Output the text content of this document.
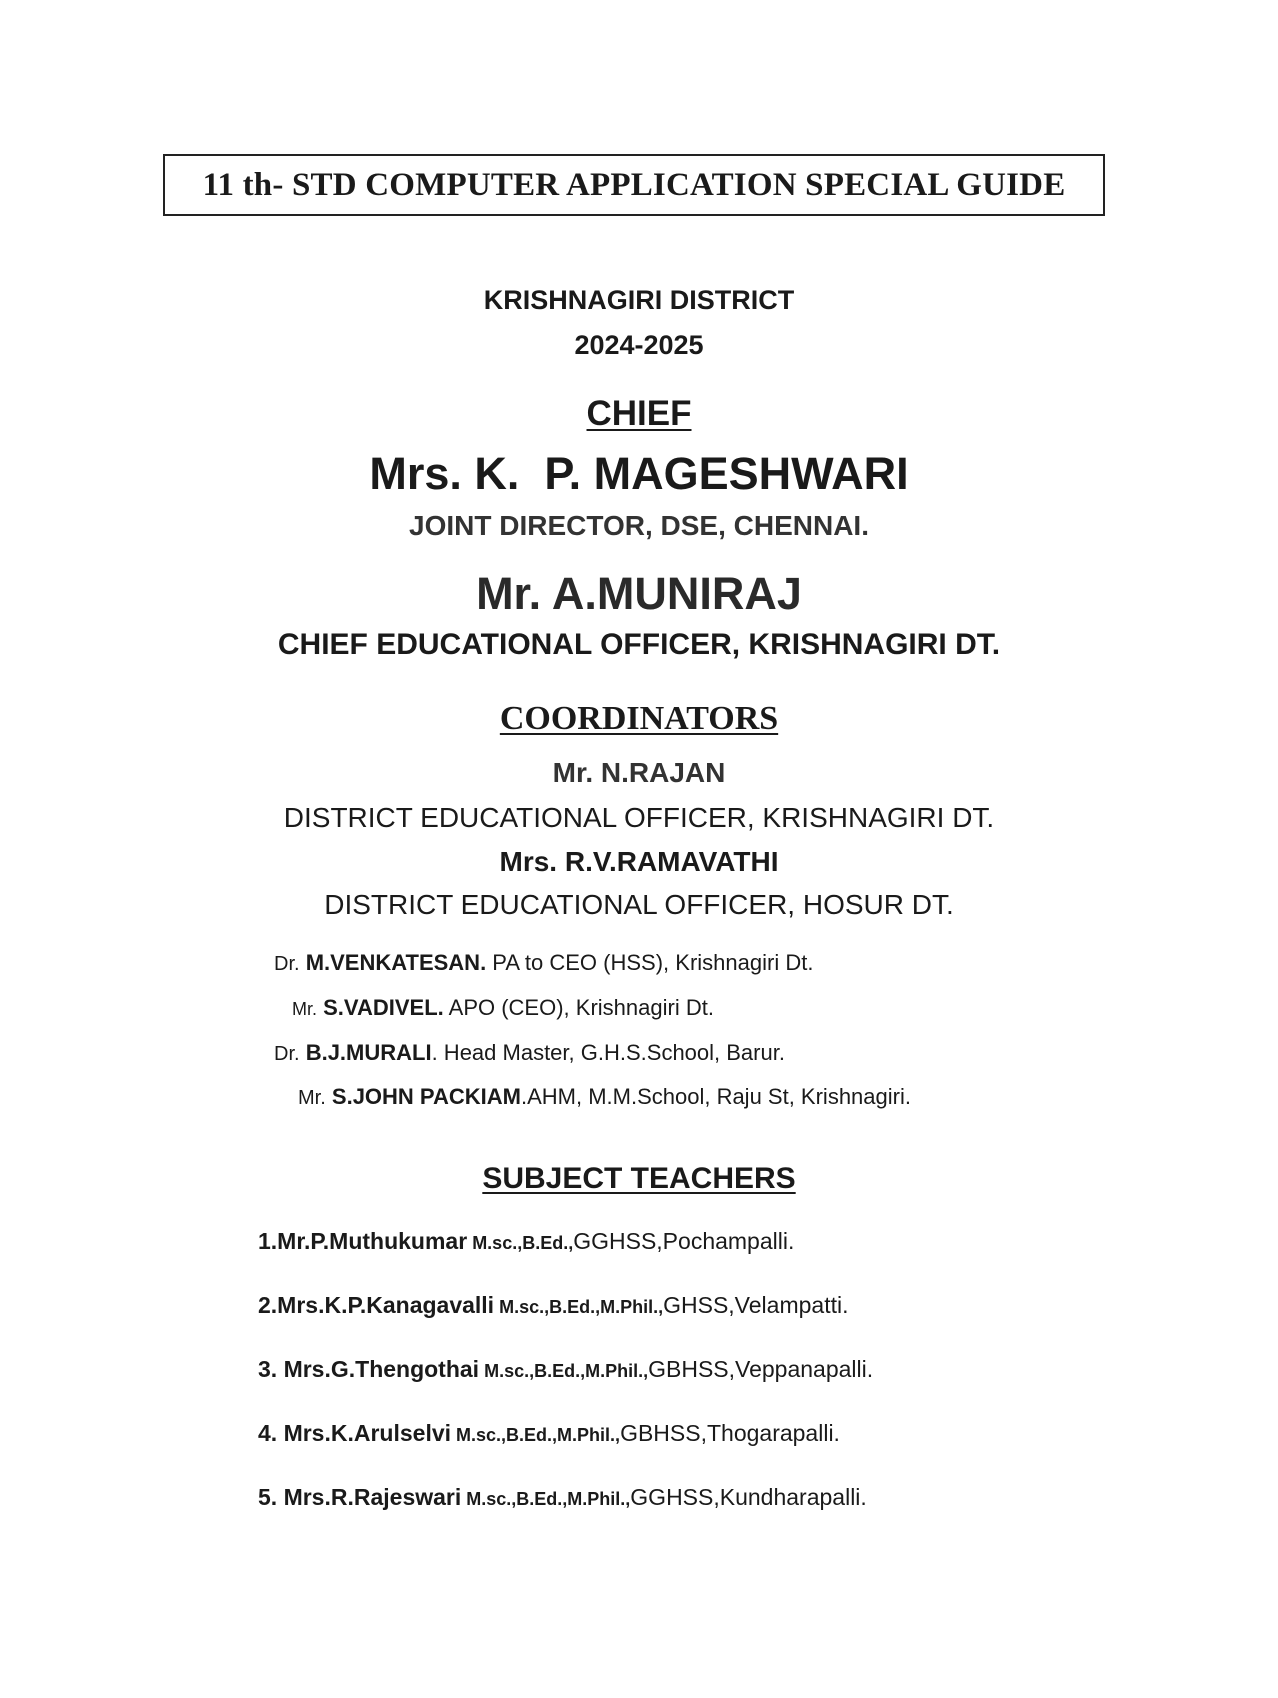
11 th- STD COMPUTER APPLICATION SPECIAL GUIDE
KRISHNAGIRI DISTRICT
2024-2025
CHIEF
Mrs. K.  P. MAGESHWARI
JOINT DIRECTOR, DSE, CHENNAI.
Mr. A.MUNIRAJ
CHIEF EDUCATIONAL OFFICER, KRISHNAGIRI DT.
COORDINATORS
Mr. N.RAJAN
DISTRICT EDUCATIONAL OFFICER, KRISHNAGIRI DT.
Mrs. R.V.RAMAVATHI
DISTRICT EDUCATIONAL OFFICER, HOSUR DT.
Dr. M.VENKATESAN. PA to CEO (HSS), Krishnagiri Dt.
Mr. S.VADIVEL. APO (CEO), Krishnagiri Dt.
Dr. B.J.MURALI. Head Master, G.H.S.School, Barur.
Mr. S.JOHN PACKIAM.AHM, M.M.School, Raju St, Krishnagiri.
SUBJECT TEACHERS
1.Mr.P.Muthukumar M.sc.,B.Ed.,GGHSS,Pochampalli.
2.Mrs.K.P.Kanagavalli M.sc.,B.Ed.,M.Phil.,GHSS,Velampatti.
3. Mrs.G.Thengothai M.sc.,B.Ed.,M.Phil.,GBHSS,Veppanapalli.
4. Mrs.K.Arulselvi M.sc.,B.Ed.,M.Phil.,GBHSS,Thogarapalli.
5. Mrs.R.Rajeswari M.sc.,B.Ed.,M.Phil.,GGHSS,Kundharapalli.
